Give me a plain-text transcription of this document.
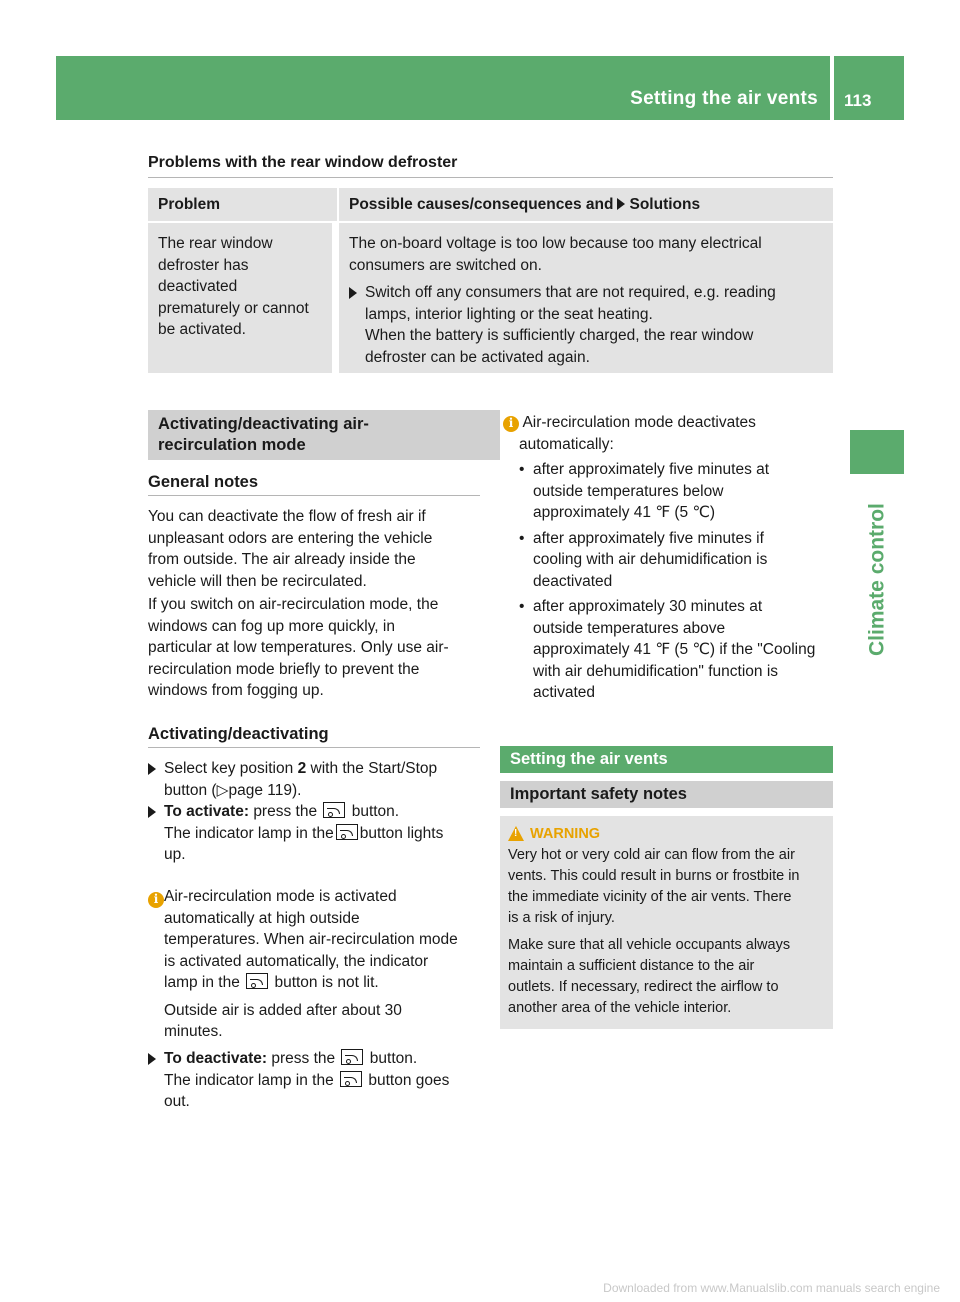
Setting the air vents 113
Climate control
Problems with the rear window defroster
Problem	Possible causes/consequences and Solutions

The rear window

defroster has

deactivated

prematurely or cannot

be activated.

The on-board voltage is too low because too many electrical

consumers are switched on.

Switch off any consumers that are not required, e.g. reading

lamps, interior lighting or the seat heating.

When the battery is sufficiently charged, the rear window

defroster can be activated again.

Activating/deactivating air-

recirculation mode

General notes

You can deactivate the flow of fresh air if

unpleasant odors are entering the vehicle

from outside. The air already inside the

vehicle will then be recirculated.

If you switch on air-recirculation mode, the

windows can fog up more quickly, in

particular at low temperatures. Only use air-

recirculation mode briefly to prevent the

windows from fogging up.

Activating/deactivating

Select key position 2 with the Start/Stop

button (▷page 119).

To activate: press the button.

The indicator lamp in the button lights

up.

i Air-recirculation mode is activated

automatically at high outside

temperatures. When air-recirculation mode

is activated automatically, the indicator

lamp in the button is not lit.

Outside air is added after about 30

minutes.

To deactivate: press the button.

The indicator lamp in the button goes

out.

i Air-recirculation mode deactivates

automatically:

• after approximately five minutes at

outside temperatures below

approximately 41 ℉ (5 ℃)

• after approximately five minutes if

cooling with air dehumidification is

deactivated

• after approximately 30 minutes at

outside temperatures above

approximately 41 ℉ (5 ℃) if the "Cooling

with air dehumidification" function is

activated

Setting the air vents
Important safety notes
!
WARNING

Very hot or very cold air can flow from the air

vents. This could result in burns or frostbite in

the immediate vicinity of the air vents. There

is a risk of injury.

Make sure that all vehicle occupants always

maintain a sufficient distance to the air

outlets. If necessary, redirect the airflow to

another area of the vehicle interior.

Downloaded from www.Manualslib.com manuals search engine
